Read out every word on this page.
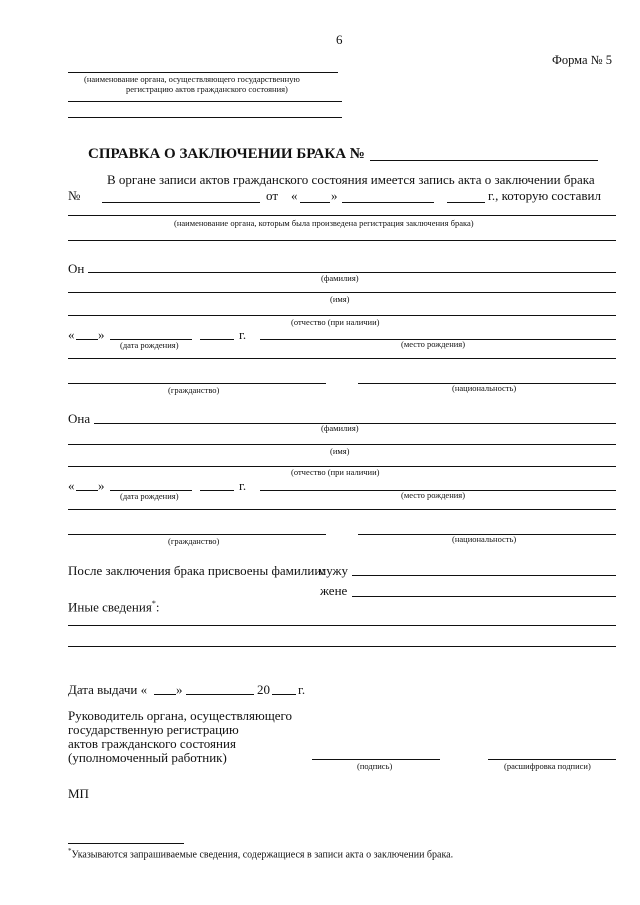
6
Форма № 5
(наименование органа, осуществляющего государственную
регистрацию актов гражданского состояния)
СПРАВКА О ЗАКЛЮЧЕНИИ БРАКА №
В органе записи актов гражданского состояния имеется запись акта о заключении брака
№	от «	»	г., которую составил
(наименование органа, которым была произведена регистрация заключения брака)
Он
(фамилия)
(имя)
(отчество (при наличии)
« »	г.
(дата рождения)	(место рождения)
(гражданство)	(национальность)
Она
(фамилия)
(имя)
(отчество (при наличии)
« »	г.
(дата рождения)	(место рождения)
(гражданство)	(национальность)
После заключения брака присвоены фамилии:
мужу
жене
Иные сведения*:
Дата выдачи « »	20 г.
Руководитель органа, осуществляющего
государственную регистрацию
актов гражданского состояния
(уполномоченный работник)
(подпись)	(расшифровка подписи)
МП
*Указываются запрашиваемые сведения, содержащиеся в записи акта о заключении брака.
